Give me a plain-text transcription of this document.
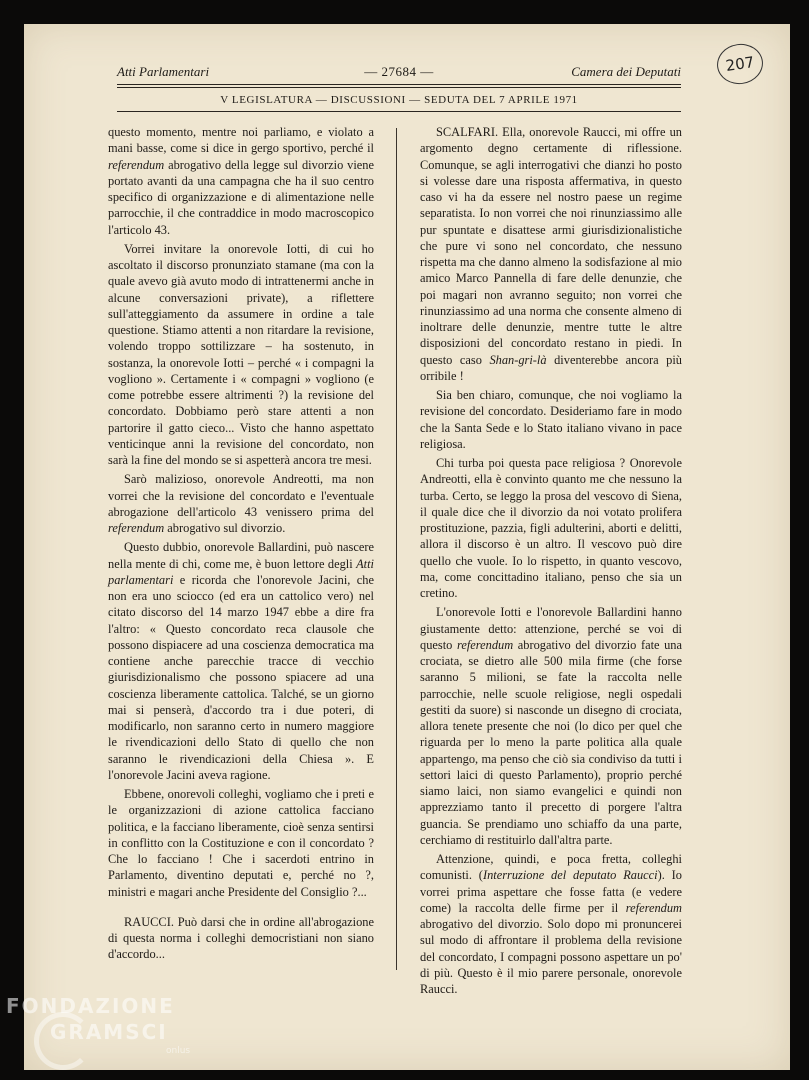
207
Atti Parlamentari	— 27684 —	Camera dei Deputati
V LEGISLATURA — DISCUSSIONI — SEDUTA DEL 7 APRILE 1971

questo momento, mentre noi parliamo, e violato a mani basse, come si dice in gergo sportivo, perché il referendum abrogativo della legge sul divorzio viene portato avanti da una campagna che ha il suo centro specifico di organizzazione e di alimentazione nelle parrocchie, il che contraddice in modo macroscopico l'articolo 43.

Vorrei invitare la onorevole Iotti, di cui ho ascoltato il discorso pronunziato stamane (ma con la quale avevo già avuto modo di intrattenermi anche in alcune conversazioni private), a riflettere sull'atteggiamento da assumere in ordine a tale questione. Stiamo attenti a non ritardare la revisione, volendo troppo sottilizzare – ha sostenuto, in sostanza, la onorevole Iotti – perché « i compagni la vogliono ». Certamente i « compagni » vogliono (e come potrebbe essere altrimenti ?) la revisione del concordato. Dobbiamo però stare attenti a non partorire il gatto cieco... Visto che hanno aspettato venticinque anni la revisione del concordato, non sarà la fine del mondo se si aspetterà ancora tre mesi.

Sarò malizioso, onorevole Andreotti, ma non vorrei che la revisione del concordato e l'eventuale abrogazione dell'articolo 43 venissero prima del referendum abrogativo sul divorzio.

Questo dubbio, onorevole Ballardini, può nascere nella mente di chi, come me, è buon lettore degli Atti parlamentari e ricorda che l'onorevole Jacini, che non era uno sciocco (ed era un cattolico vero) nel citato discorso del 14 marzo 1947 ebbe a dire fra l'altro: « Questo concordato reca clausole che possono dispiacere ad una coscienza democratica ma contiene anche parecchie tracce di vecchio giurisdizionalismo che possono spiacere ad una coscienza liberamente cattolica. Talché, se un giorno mai si penserà, d'accordo tra i due poteri, di modificarlo, non saranno certo in numero maggiore le rivendicazioni dello Stato di quello che non saranno le rivendicazioni della Chiesa ». E l'onorevole Jacini aveva ragione.

Ebbene, onorevoli colleghi, vogliamo che i preti e le organizzazioni di azione cattolica facciano politica, e la facciano liberamente, cioè senza sentirsi in conflitto con la Costituzione e con il concordato ? Che lo facciano ! Che i sacerdoti entrino in Parlamento, diventino deputati e, perché no ?, ministri e magari anche Presidente del Consiglio ?...

RAUCCI. Può darsi che in ordine all'abrogazione di questa norma i colleghi democristiani non siano d'accordo...

SCALFARI. Ella, onorevole Raucci, mi offre un argomento degno certamente di riflessione. Comunque, se agli interrogativi che dianzi ho posto si volesse dare una risposta affermativa, in questo caso vi ha da essere nel nostro paese un regime separatista. Io non vorrei che noi rinunziassimo alle pur spuntate e disattese armi giurisdizionalistiche che pure vi sono nel concordato, che nessuno rispetta ma che danno almeno la sodisfazione al mio amico Marco Pannella di fare delle denunzie, che poi magari non avranno seguito; non vorrei che rinunziassimo ad una norma che consente almeno di inoltrare delle denunzie, mentre tutte le altre disposizioni del concordato restano in piedi. In questo caso Shan-gri-là diventerebbe ancora più orribile !

Sia ben chiaro, comunque, che noi vogliamo la revisione del concordato. Desideriamo fare in modo che la Santa Sede e lo Stato italiano vivano in pace religiosa.

Chi turba poi questa pace religiosa ? Onorevole Andreotti, ella è convinto quanto me che nessuno la turba. Certo, se leggo la prosa del vescovo di Siena, il quale dice che il divorzio da noi votato prolifera prostituzione, pazzia, figli adulterini, aborti e delitti, allora il discorso è un altro. Il vescovo può dire quello che vuole. Io lo rispetto, in quanto vescovo, ma, come concittadino italiano, penso che sia un cretino.

L'onorevole Iotti e l'onorevole Ballardini hanno giustamente detto: attenzione, perché se voi di questo referendum abrogativo del divorzio fate una crociata, se dietro alle 500 mila firme (che forse saranno 5 milioni, se fate la raccolta nelle parrocchie, nelle scuole religiose, negli ospedali gestiti da suore) si nasconde un disegno di crociata, allora tenete presente che noi (lo dico per quel che riguarda per lo meno la parte politica alla quale appartengo, ma penso che ciò sia condiviso da tutti i settori laici di questo Parlamento), proprio perché siamo laici, non siamo evangelici e quindi non apprezziamo tanto il precetto di porgere l'altra guancia. Se prendiamo uno schiaffo da una parte, cerchiamo di restituirlo dall'altra parte.

Attenzione, quindi, e poca fretta, colleghi comunisti. (Interruzione del deputato Raucci). Io vorrei prima aspettare che fosse fatta (e vedere come) la raccolta delle firme per il referendum abrogativo del divorzio. Solo dopo mi pronuncerei sul modo di affrontare il problema della revisione del concordato, I compagni possono aspettare un po' di più. Questo è il mio parere personale, onorevole Raucci.

FONDAZIONE
GRAMSCI
onlus
